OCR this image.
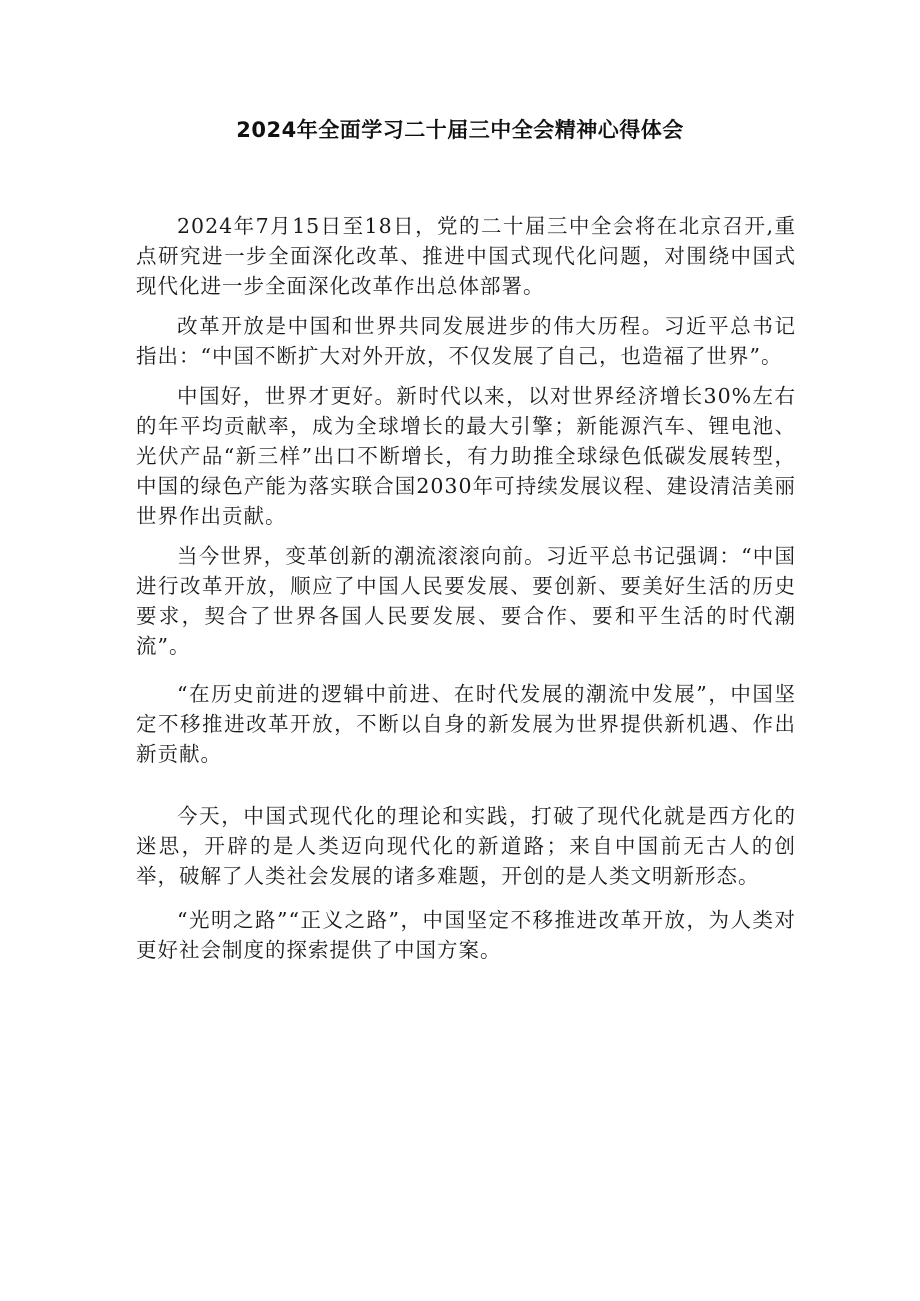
2024年全面学习二十届三中全会精神心得体会

2024年7月15日至18日，党的二十届三中全会将在北京召开,重点研究进一步全面深化改革、推进中国式现代化问题，对围绕中国式现代化进一步全面深化改革作出总体部署。

改革开放是中国和世界共同发展进步的伟大历程。习近平总书记指出：“中国不断扩大对外开放，不仅发展了自己，也造福了世界”。

中国好，世界才更好。新时代以来，以对世界经济增长30%左右的年平均贡献率，成为全球增长的最大引擎；新能源汽车、锂电池、光伏产品“新三样”出口不断增长，有力助推全球绿色低碳发展转型，中国的绿色产能为落实联合国2030年可持续发展议程、建设清洁美丽世界作出贡献。

当今世界，变革创新的潮流滚滚向前。习近平总书记强调：“中国进行改革开放，顺应了中国人民要发展、要创新、要美好生活的历史要求，契合了世界各国人民要发展、要合作、要和平生活的时代潮流”。

“在历史前进的逻辑中前进、在时代发展的潮流中发展”，中国坚定不移推进改革开放，不断以自身的新发展为世界提供新机遇、作出新贡献。

今天，中国式现代化的理论和实践，打破了现代化就是西方化的迷思，开辟的是人类迈向现代化的新道路；来自中国前无古人的创举，破解了人类社会发展的诸多难题，开创的是人类文明新形态。

“光明之路”“正义之路”，中国坚定不移推进改革开放，为人类对更好社会制度的探索提供了中国方案。
